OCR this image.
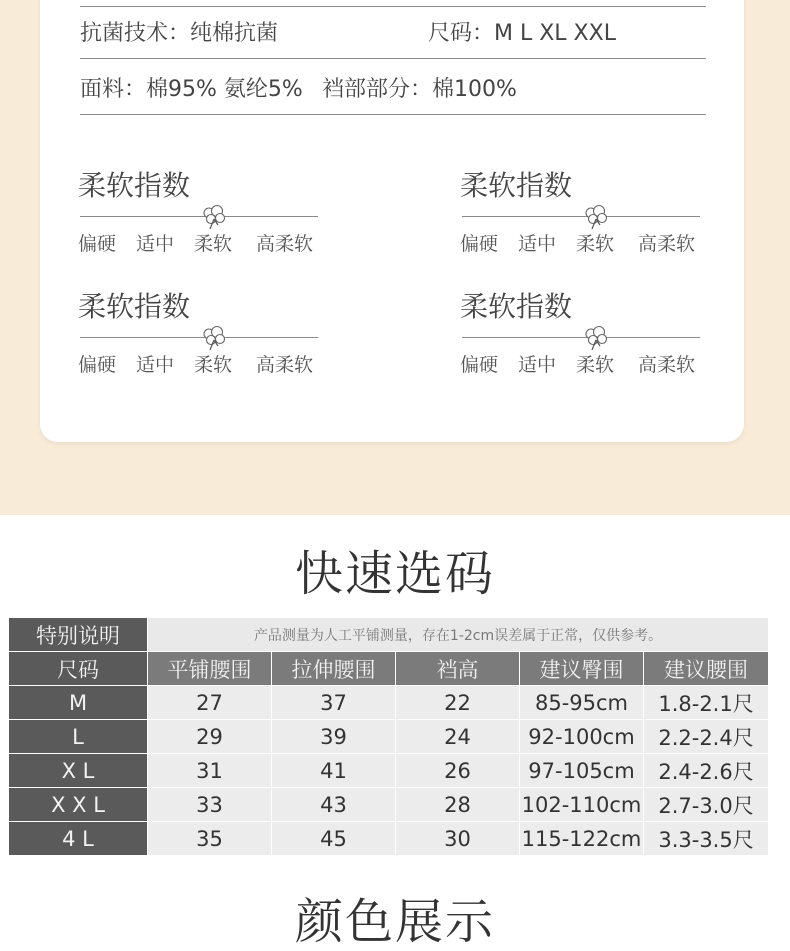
抗菌技术：纯棉抗菌	尺码：M L XL XXL
面料：棉95% 氨纶5% 裆部部分：棉100%
柔软指数
偏硬 适中 柔软 高柔软
柔软指数
偏硬 适中 柔软 高柔软
柔软指数
偏硬 适中 柔软 高柔软
柔软指数
偏硬 适中 柔软 高柔软
快速选码
特别说明	产品测量为人工平铺测量，存在1-2cm误差属于正常，仅供参考。				
尺码	平铺腰围	拉伸腰围	裆高	建议臀围	建议腰围
M	27	37	22	85-95cm	1.8-2.1尺
L	29	39	24	92-100cm	2.2-2.4尺
X L	31	41	26	97-105cm	2.4-2.6尺
X X L	33	43	28	102-110cm	2.7-3.0尺
4 L	35	45	30	115-122cm	3.3-3.5尺
颜色展示
